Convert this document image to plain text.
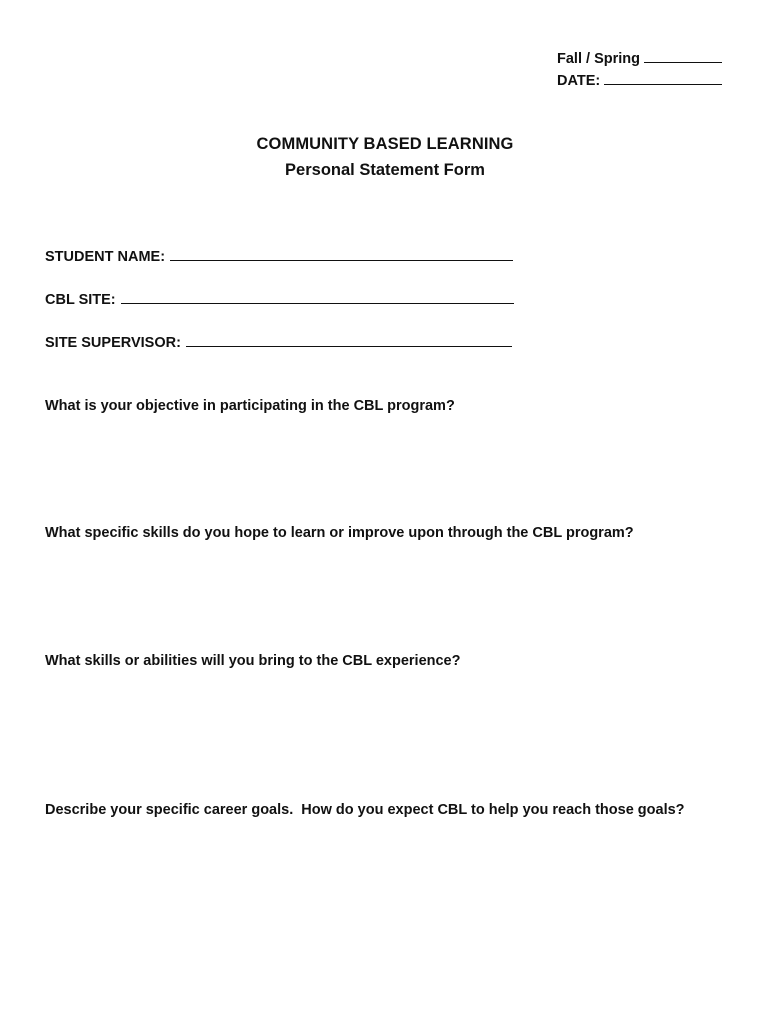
Fall / Spring
DATE:
COMMUNITY BASED LEARNING
Personal Statement Form
STUDENT NAME:
CBL SITE:
SITE SUPERVISOR:
What is your objective in participating in the CBL program?
What specific skills do you hope to learn or improve upon through the CBL program?
What skills or abilities will you bring to the CBL experience?
Describe your specific career goals.  How do you expect CBL to help you reach those goals?
